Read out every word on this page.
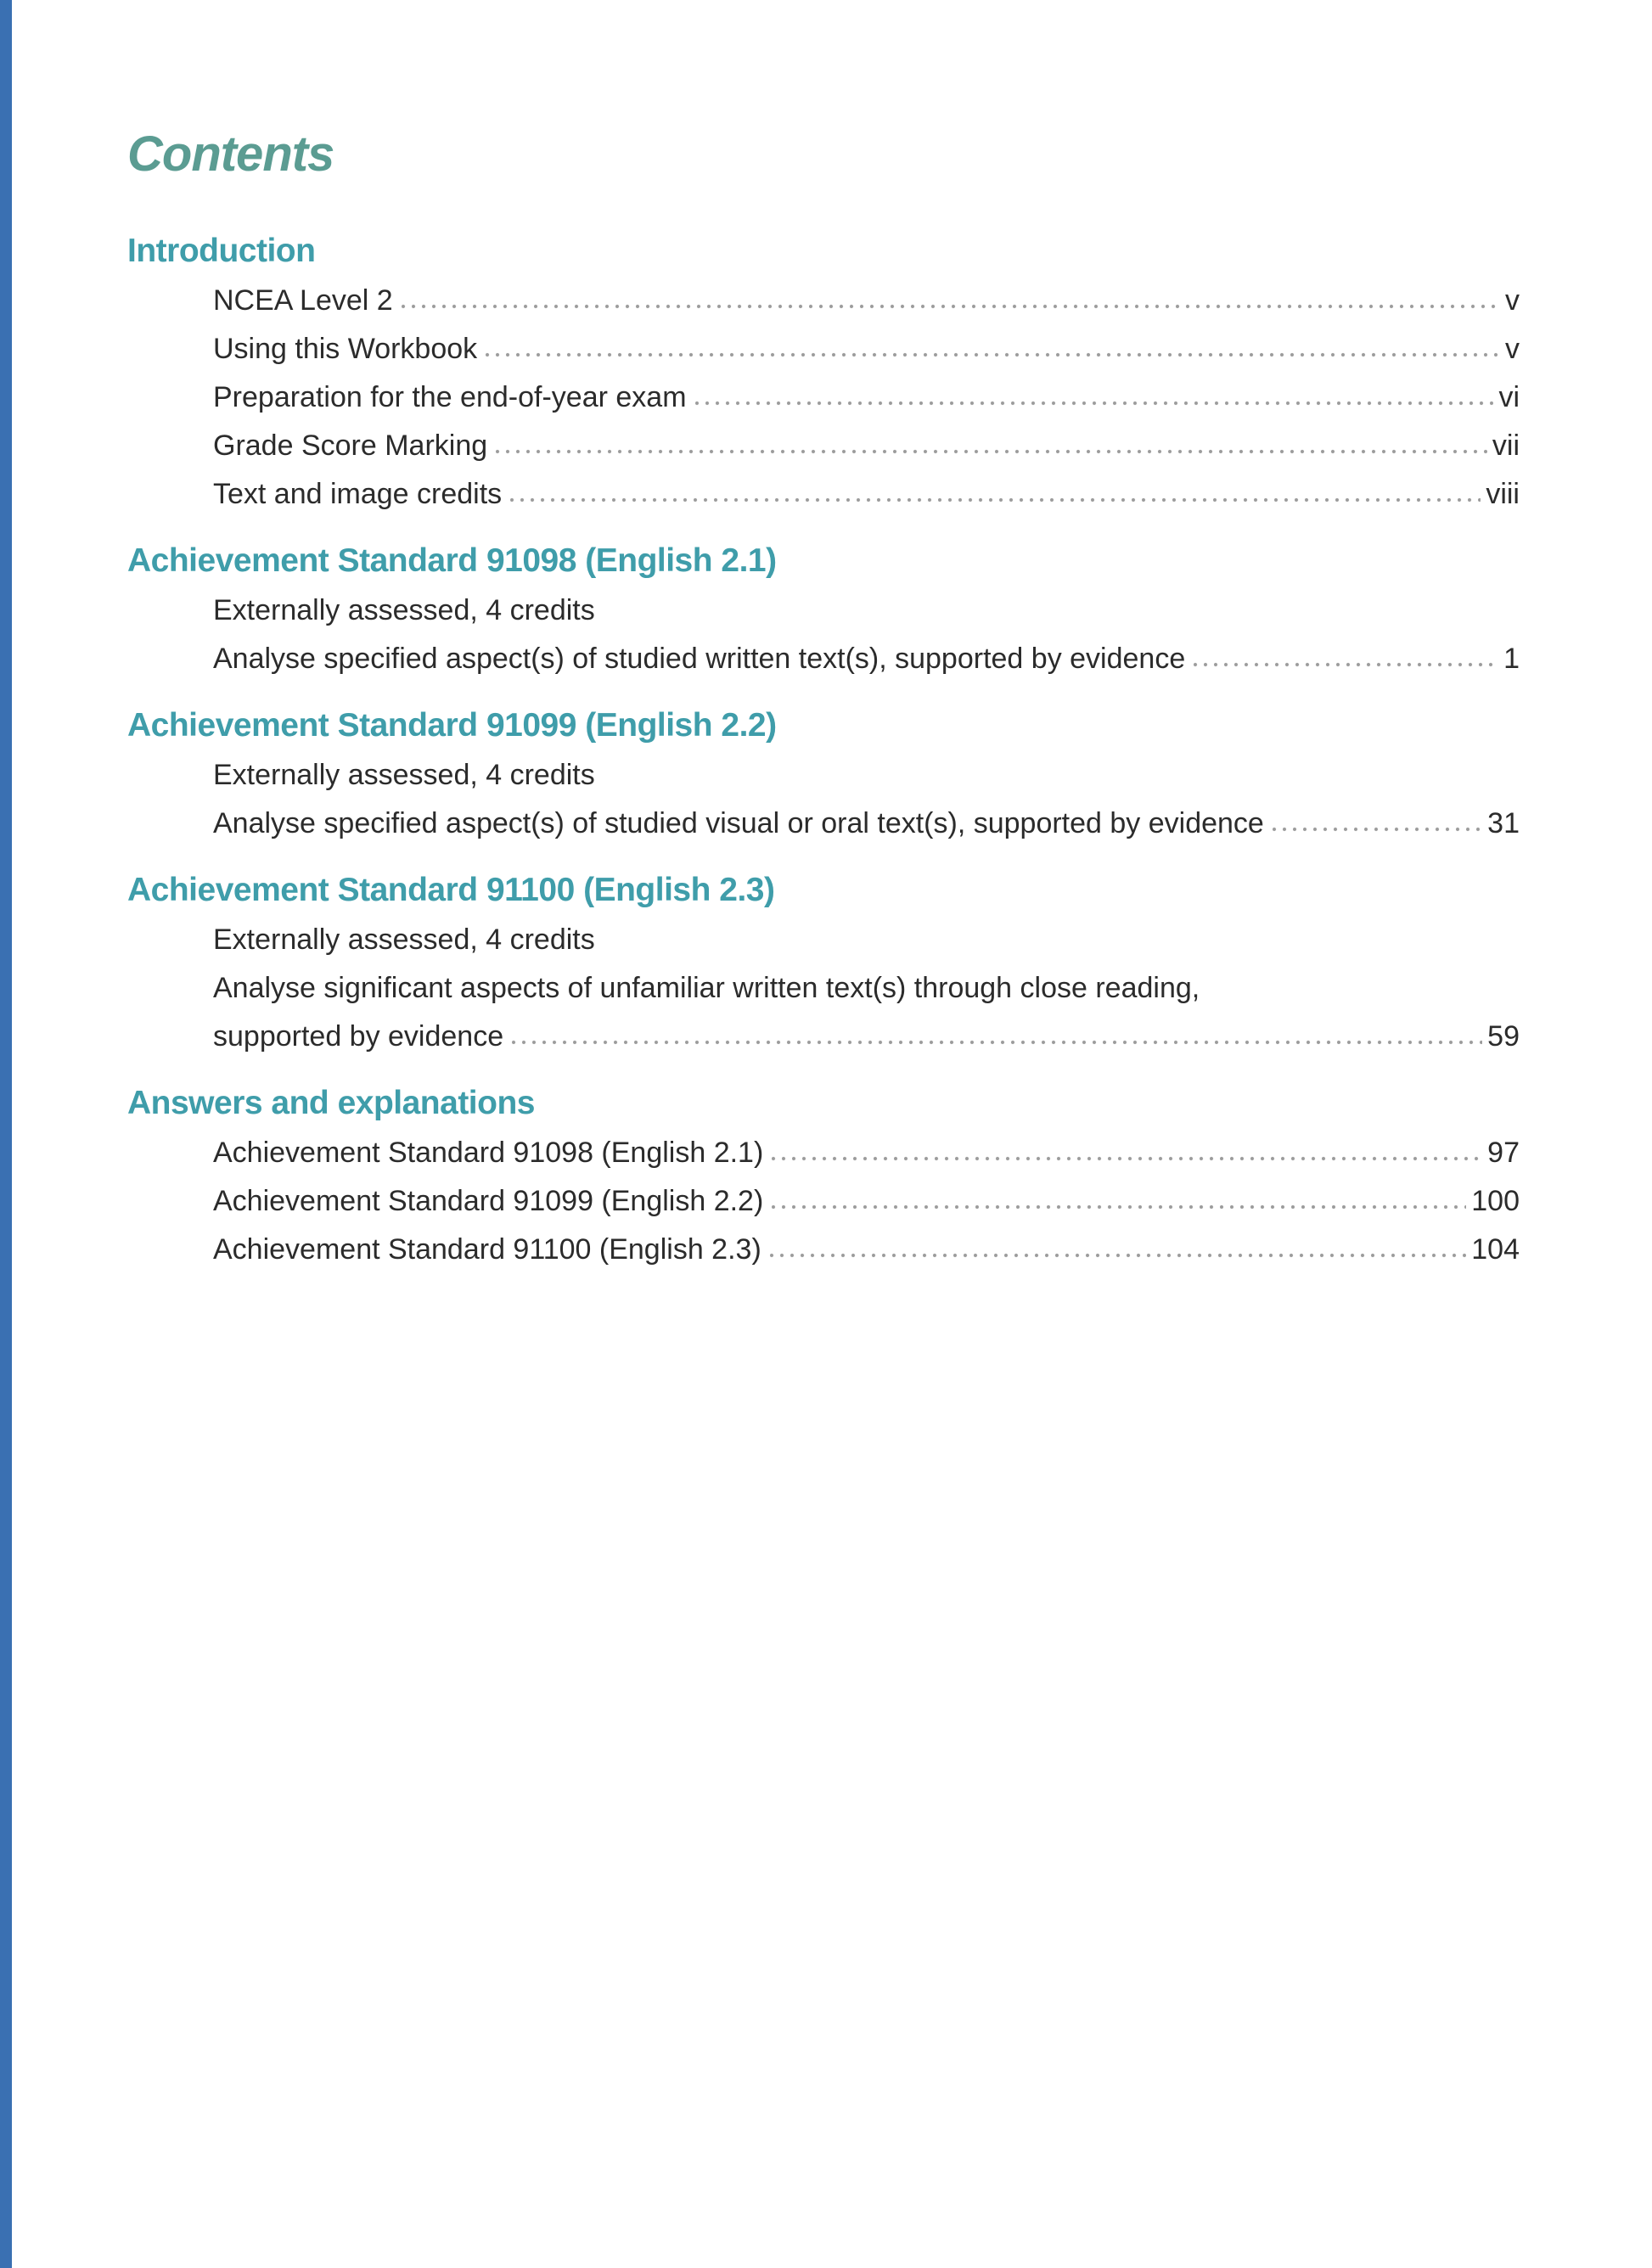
Contents
Introduction
NCEA Level 2	v
Using this Workbook	v
Preparation for the end-of-year exam	vi
Grade Score Marking	vii
Text and image credits	viii
Achievement Standard 91098 (English 2.1)
Externally assessed, 4 credits
Analyse specified aspect(s) of studied written text(s), supported by evidence	1
Achievement Standard 91099 (English 2.2)
Externally assessed, 4 credits
Analyse specified aspect(s) of studied visual or oral text(s), supported by evidence	31
Achievement Standard 91100 (English 2.3)
Externally assessed, 4 credits
Analyse significant aspects of unfamiliar written text(s) through close reading,
supported by evidence	59
Answers and explanations
Achievement Standard 91098 (English 2.1)	97
Achievement Standard 91099 (English 2.2)	100
Achievement Standard 91100 (English 2.3)	104
